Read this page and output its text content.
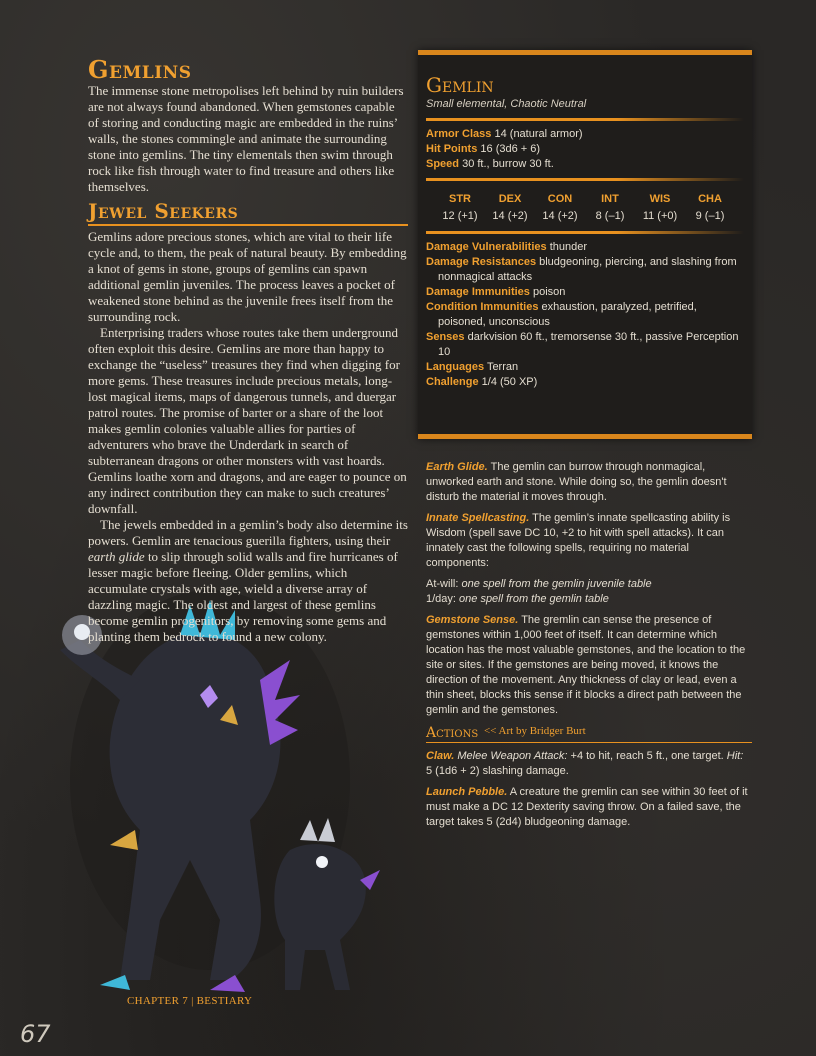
Gemlins

The immense stone metropolises left behind by ruin builders are not always found abandoned. When gemstones capable of storing and conducting magic are embedded in the ruins’ walls, the stones commingle and animate the surrounding stone into gemlins. The tiny elementals then swim through rock like fish through water to find treasure and others like themselves.

Jewel Seekers

Gemlins adore precious stones, which are vital to their life cycle and, to them, the peak of natural beauty. By embedding a knot of gems in stone, groups of gemlins can spawn additional gemlin juveniles. The process leaves a pocket of weakened stone behind as the juvenile frees itself from the surrounding rock.

Enterprising traders whose routes take them underground often exploit this desire. Gemlins are more than happy to exchange the “useless” treasures they find when digging for more gems. These treasures include precious metals, long-lost magical items, maps of dangerous tunnels, and duergar patrol routes. The promise of barter or a share of the loot makes gemlin colonies valuable allies for parties of adventurers who brave the Underdark in search of subterranean dragons or other monsters with vast hoards. Gemlins loathe xorn and dragons, and are eager to pounce on any indirect contribution they can make to such creatures’ downfall.

The jewels embedded in a gemlin’s body also determine its powers. Gemlin are tenacious guerilla fighters, using their earth glide to slip through solid walls and fire hurricanes of lesser magic before fleeing. Older gemlins, which accumulate crystals with age, wield a diverse array of dazzling magic. The oldest and largest of these gemlins become gemlin progenitors, by removing some gems and planting them bedrock to found a new colony.

Gemlin
Small elemental, Chaotic Neutral
Armor Class 14 (natural armor)
Hit Points 16 (3d6 + 6)
Speed 30 ft., burrow 30 ft.
STR
12 (+1)
DEX
14 (+2)
CON
14 (+2)
INT
8 (–1)
WIS
11 (+0)
CHA
9 (–1)
Damage Vulnerabilities thunder
Damage Resistances bludgeoning, piercing, and slashing from nonmagical attacks
Damage Immunities poison
Condition Immunities exhaustion, paralyzed, petrified, poisoned, unconscious
Senses darkvision 60 ft., tremorsense 30 ft., passive Perception 10
Languages Terran
Challenge 1/4 (50 XP)

Earth Glide. The gemlin can burrow through nonmagical, unworked earth and stone. While doing so, the gemlin doesn't disturb the material it moves through.

Innate Spellcasting. The gemlin’s innate spellcasting ability is Wisdom (spell save DC 10, +2 to hit with spell attacks). It can innately cast the following spells, requiring no material components:

At-will: one spell from the gemlin juvenile table

1/day: one spell from the gemlin table

Gemstone Sense. The gremlin can sense the presence of gemstones within 1,000 feet of itself. It can determine which location has the most valuable gemstones, and the location to the site or sites. If the gemstones are being moved, it knows the direction of the movement. Any thickness of clay or lead, even a thin sheet, blocks this sense if it blocks a direct path between the gemlin and the gemstones.

Actions

Claw. Melee Weapon Attack: +4 to hit, reach 5 ft., one target. Hit: 5 (1d6 + 2) slashing damage.

Launch Pebble. A creature the gremlin can see within 30 feet of it must make a DC 12 Dexterity saving throw. On a failed save, the target takes 5 (2d4) bludgeoning damage.

<< Art by Bridger Burt
CHAPTER 7 | BESTIARY
67
